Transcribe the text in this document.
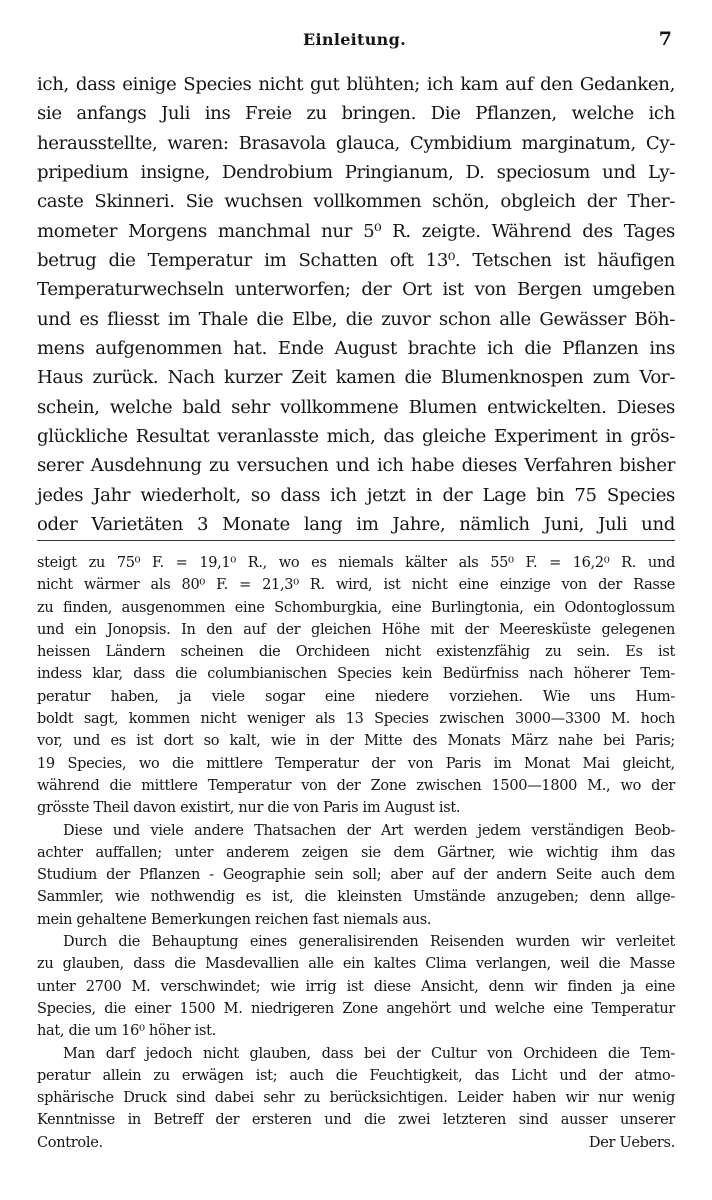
Einleitung.	7
ich, dass einige Species nicht gut blühten; ich kam auf den Gedanken,
sie anfangs Juli ins Freie zu bringen. Die Pflanzen, welche ich
herausstellte, waren: Brasavola glauca, Cymbidium marginatum, Cy-
pripedium insigne, Dendrobium Pringianum, D. speciosum und Ly-
caste Skinneri. Sie wuchsen vollkommen schön, obgleich der Ther-
mometer Morgens manchmal nur 5⁰ R. zeigte. Während des Tages
betrug die Temperatur im Schatten oft 13⁰. Tetschen ist häufigen
Temperaturwechseln unterworfen; der Ort ist von Bergen umgeben
und es fliesst im Thale die Elbe, die zuvor schon alle Gewässer Böh-
mens aufgenommen hat. Ende August brachte ich die Pflanzen ins
Haus zurück. Nach kurzer Zeit kamen die Blumenknospen zum Vor-
schein, welche bald sehr vollkommene Blumen entwickelten. Dieses
glückliche Resultat veranlasste mich, das gleiche Experiment in grös-
serer Ausdehnung zu versuchen und ich habe dieses Verfahren bisher
jedes Jahr wiederholt, so dass ich jetzt in der Lage bin 75 Species
oder Varietäten 3 Monate lang im Jahre, nämlich Juni, Juli und
steigt zu 75⁰ F. = 19,1⁰ R., wo es niemals kälter als 55⁰ F. = 16,2⁰ R. und
nicht wärmer als 80⁰ F. = 21,3⁰ R. wird, ist nicht eine einzige von der Rasse
zu finden, ausgenommen eine Schomburgkia, eine Burlingtonia, ein Odontoglossum
und ein Jonopsis. In den auf der gleichen Höhe mit der Meeresküste gelegenen
heissen Ländern scheinen die Orchideen nicht existenzfähig zu sein. Es ist
indess klar, dass die columbianischen Species kein Bedürfniss nach höherer Tem-
peratur haben, ja viele sogar eine niedere vorziehen. Wie uns Hum-
boldt sagt, kommen nicht weniger als 13 Species zwischen 3000—3300 M. hoch
vor, und es ist dort so kalt, wie in der Mitte des Monats März nahe bei Paris;
19 Species, wo die mittlere Temperatur der von Paris im Monat Mai gleicht,
während die mittlere Temperatur von der Zone zwischen 1500—1800 M., wo der
grösste Theil davon existirt, nur die von Paris im August ist.
Diese und viele andere Thatsachen der Art werden jedem verständigen Beob-
achter auffallen; unter anderem zeigen sie dem Gärtner, wie wichtig ihm das
Studium der Pflanzen - Geographie sein soll; aber auf der andern Seite auch dem
Sammler, wie nothwendig es ist, die kleinsten Umstände anzugeben; denn allge-
mein gehaltene Bemerkungen reichen fast niemals aus.
Durch die Behauptung eines generalisirenden Reisenden wurden wir verleitet
zu glauben, dass die Masdevallien alle ein kaltes Clima verlangen, weil die Masse
unter 2700 M. verschwindet; wie irrig ist diese Ansicht, denn wir finden ja eine
Species, die einer 1500 M. niedrigeren Zone angehört und welche eine Temperatur
hat, die um 16⁰ höher ist.
Man darf jedoch nicht glauben, dass bei der Cultur von Orchideen die Tem-
peratur allein zu erwägen ist; auch die Feuchtigkeit, das Licht und der atmo-
sphärische Druck sind dabei sehr zu berücksichtigen. Leider haben wir nur wenig
Kenntnisse in Betreff der ersteren und die zwei letzteren sind ausser unserer
Controle.	Der Uebers.
